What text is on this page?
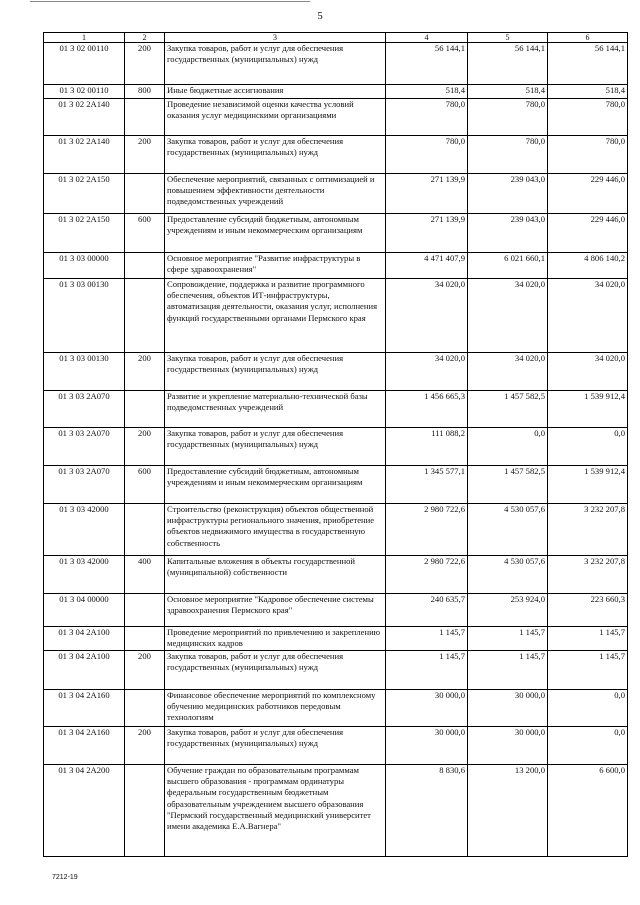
5
1	2	3	4	5	6
01 3 02 00110	200	Закупка товаров, работ и услуг для обеспечения государственных (муниципальных) нужд	56 144,1	56 144,1	56 144,1
01 3 02 00110	800	Иные бюджетные ассигнования	518,4	518,4	518,4
01 3 02 2А140		Проведение независимой оценки качества условий оказания услуг медицинскими организациями	780,0	780,0	780,0
01 3 02 2А140	200	Закупка товаров, работ и услуг для обеспечения государственных (муниципальных) нужд	780,0	780,0	780,0
01 3 02 2А150		Обеспечение мероприятий, связанных с оптимизацией и повышением эффективности деятельности подведомственных учреждений	271 139,9	239 043,0	229 446,0
01 3 02 2А150	600	Предоставление субсидий бюджетным, автономным учреждениям и иным некоммерческим организациям	271 139,9	239 043,0	229 446,0
01 3 03 00000		Основное мероприятие "Развитие инфраструктуры в сфере здравоохранения"	4 471 407,9	6 021 660,1	4 806 140,2
01 3 03 00130		Сопровождение, поддержка и развитие программного обеспечения, объектов ИТ-инфраструктуры, автоматизация деятельности, оказания услуг, исполнения функций государственными органами Пермского края	34 020,0	34 020,0	34 020,0
01 3 03 00130	200	Закупка товаров, работ и услуг для обеспечения государственных (муниципальных) нужд	34 020,0	34 020,0	34 020,0
01 3 03 2А070		Развитие и укрепление материально-технической базы подведомственных учреждений	1 456 665,3	1 457 582,5	1 539 912,4
01 3 03 2А070	200	Закупка товаров, работ и услуг для обеспечения государственных (муниципальных) нужд	111 088,2	0,0	0,0
01 3 03 2А070	600	Предоставление субсидий бюджетным, автономным учреждениям и иным некоммерческим организациям	1 345 577,1	1 457 582,5	1 539 912,4
01 3 03 42000		Строительство (реконструкция) объектов общественной инфраструктуры регионального значения, приобретение объектов недвижимого имущества в государственную собственность	2 980 722,6	4 530 057,6	3 232 207,8
01 3 03 42000	400	Капитальные вложения в объекты государственной (муниципальной) собственности	2 980 722,6	4 530 057,6	3 232 207,8
01 3 04 00000		Основное мероприятие "Кадровое обеспечение системы здравоохранения Пермского края"	240 635,7	253 924,0	223 660,3
01 3 04 2А100		Проведение мероприятий по привлечению и закреплению медицинских кадров	1 145,7	1 145,7	1 145,7
01 3 04 2А100	200	Закупка товаров, работ и услуг для обеспечения государственных (муниципальных) нужд	1 145,7	1 145,7	1 145,7
01 3 04 2А160		Финансовое обеспечение мероприятий по комплексному обучению медицинских работников передовым технологиям	30 000,0	30 000,0	0,0
01 3 04 2А160	200	Закупка товаров, работ и услуг для обеспечения государственных (муниципальных) нужд	30 000,0	30 000,0	0,0
01 3 04 2А200		Обучение граждан по образовательным программам высшего образования - программам ординатуры федеральным государственным бюджетным образовательным учреждением высшего образования "Пермский государственный медицинский университет имени академика Е.А.Вагнера"	8 830,6	13 200,0	6 600,0
7212-19
